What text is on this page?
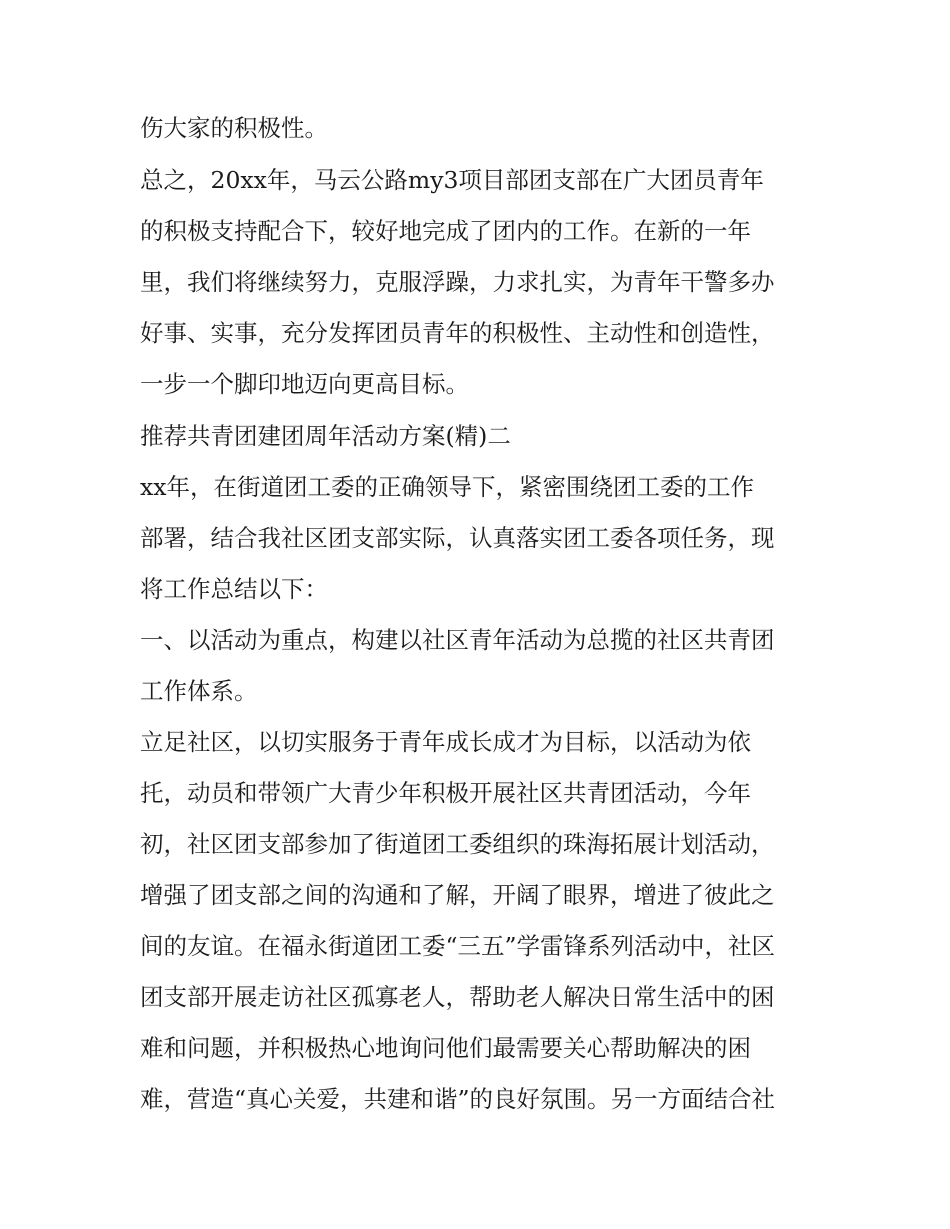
伤大家的积极性。
总之，20xx年，马云公路my3项目部团支部在广大团员青年
的积极支持配合下，较好地完成了团内的工作。在新的一年
里，我们将继续努力，克服浮躁，力求扎实，为青年干警多办
好事、实事，充分发挥团员青年的积极性、主动性和创造性，
一步一个脚印地迈向更高目标。
推荐共青团建团周年活动方案(精)二
xx年，在街道团工委的正确领导下，紧密围绕团工委的工作
部署，结合我社区团支部实际，认真落实团工委各项任务，现
将工作总结以下：
一、以活动为重点，构建以社区青年活动为总揽的社区共青团
工作体系。
立足社区，以切实服务于青年成长成才为目标，以活动为依
托，动员和带领广大青少年积极开展社区共青团活动，今年
初，社区团支部参加了街道团工委组织的珠海拓展计划活动，
增强了团支部之间的沟通和了解，开阔了眼界，增进了彼此之
间的友谊。在福永街道团工委“三五”学雷锋系列活动中，社区
团支部开展走访社区孤寡老人，帮助老人解决日常生活中的困
难和问题，并积极热心地询问他们最需要关心帮助解决的困
难，营造“真心关爱，共建和谐”的良好氛围。另一方面结合社
